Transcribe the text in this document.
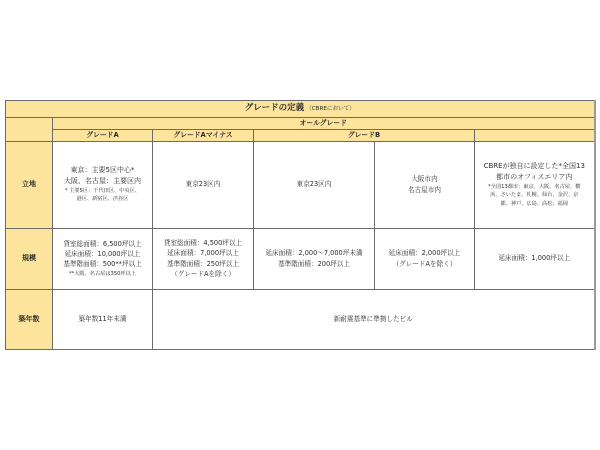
グレードの定義 （CBREにおいて）					
	オールグレード				
	グレードA	グレードAマイナス	グレードB		
立地	東京：主要5区中心*
大阪、名古屋：主要区内
* 主要5区：千代田区、中央区、
港区、新宿区、渋谷区	東京23区内	東京23区内	大阪市内
名古屋市内	CBREが独自に設定した*全国13
都市のオフィスエリア内
*全国13都市：東京、大阪、名古屋、横
浜、さいたま、札幌、仙台、金沢、京
都、神戸、広島、高松、福岡

規模	貸室総面積：6,500坪以上
延床面積：10,000坪以上
基準階面積：500**坪以上
**大阪、名古屋は350坪以上	貸室総面積：4,500坪以上
延床面積：7,000坪以上
基準階面積：250坪以上
（グレードAを除く）	延床面積：2,000～7,000坪未満
基準階面積：200坪以上	延床面積：2,000坪以上
（グレードAを除く）	延床面積：1,000坪以上
築年数	築年数11年未満	新耐震基準に準拠したビル			
